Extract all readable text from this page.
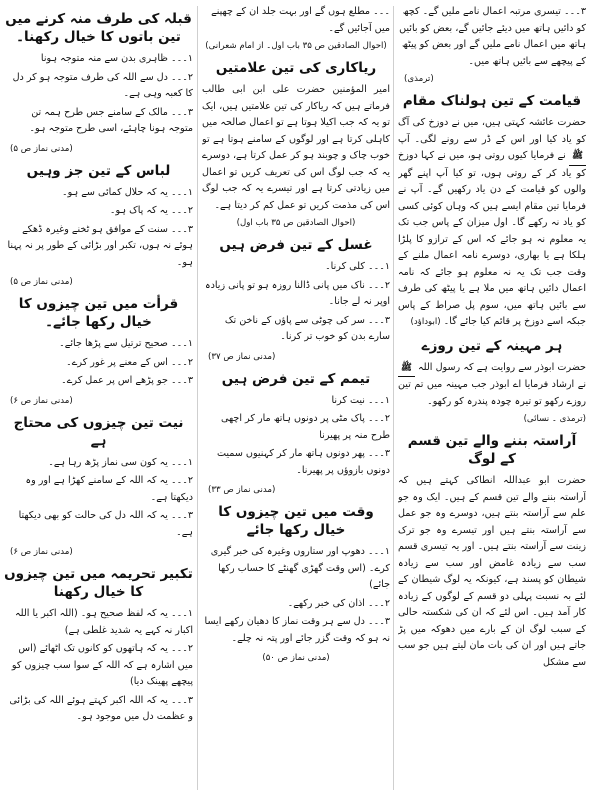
۳۔۔۔ تیسری مرتبہ اعمال نامے ملیں گے۔ کچھ کو دائیں ہاتھ میں دیئے جائیں گے، بعض کو بائیں ہاتھ میں اعمال نامے ملیں گے اور بعض کو پیٹھ کے پیچھے سے بائیں ہاتھ میں۔
(ترمذی)
قیامت کے تین ہولناک مقام
حضرت عائشہ کہتی ہیں، میں نے دوزخ کی آگ کو یاد کیا اور اس کے ڈر سے رونے لگی۔ آپ ﷺ نے فرمایا کیوں روتی ہو، میں نے کہا دوزخ کو یاد کر کے روتی ہوں، تو کیا آپ اپنے گھر والوں کو قیامت کے دن یاد رکھیں گے۔ آپ نے فرمایا تین مقام ایسے ہیں کہ وہاں کوئی کسی کو یاد نہ رکھے گا۔ اول میزان کے پاس جب تک یہ معلوم نہ ہو جائے کہ اس کے ترازو کا پلڑا ہلکا ہے یا بھاری، دوسرے نامہ اعمال ملنے کے وقت جب تک یہ نہ معلوم ہو جائے کہ نامہ اعمال دائیں ہاتھ میں ملا ہے یا پیٹھ کی طرف سے بائیں ہاتھ میں، سوم پل صراط کے پاس جبکہ اسے دوزخ پر قائم کیا جائے گا۔ (ابوداؤد)
ہر مہینہ کے تین روزے
حضرت ابوذر سے روایت ہے کہ رسول اللہ ﷺ نے ارشاد فرمایا اے ابوذر جب مہینہ میں تم تین روزے رکھو تو تیرہ چودہ پندرہ کو رکھو۔
(ترمذی ۔ نسائی)
آراستہ بننے والے تین قسم کے لوگ
حضرت ابو عبداللہ انطاکی کہتے ہیں کہ آراستہ بننے والے تین قسم کے ہیں۔ ایک وہ جو علم سے آراستہ بنتے ہیں، دوسرے وہ جو عمل سے آراستہ بنتے ہیں اور تیسرے وہ جو ترک زینت سے آراستہ بنتے ہیں۔ اور یہ تیسری قسم سب سے زیادہ غامض اور سب سے زیادہ شیطان کو پسند ہے، کیونکہ یہ لوگ شیطان کے لئے بہ نسبت پہلی دو قسم کے لوگوں کے زیادہ کار آمد ہیں۔ اس لئے کہ ان کی شکستہ حالی کے سبب لوگ ان کے بارے میں دھوکہ میں پڑ جاتے ہیں اور ان کی بات مان لیتے ہیں جو سب سے مشکل
۔۔۔ مطلع ہوں گے اور بہت جلد ان کے چھپنے میں آجائیں گے۔
(احوال الصادقین ص ۳۵ باب اول۔ از امام شعرانی)
ریاکاری کی تین علامتیں
امیر المؤمنین حضرت علی ابن ابی طالب فرماتے ہیں کہ ریاکار کی تین علامتیں ہیں، ایک تو یہ کہ جب اکیلا ہوتا ہے تو اعمال صالحہ میں کاہلی کرتا ہے اور لوگوں کے سامنے ہوتا ہے تو خوب چاک و چوبند ہو کر عمل کرتا ہے، دوسرے یہ کہ جب لوگ اس کی تعریف کریں تو اعمال میں زیادتی کرتا ہے اور تیسرے یہ کہ جب لوگ اس کی مذمت کریں تو عمل کم کر دیتا ہے۔
(احوال الصادقین ص ۳۵ باب اول)
غسل کے تین فرض ہیں
۱۔۔۔ کلی کرنا۔
۲۔۔۔ ناک میں پانی ڈالنا روزہ ہو تو پانی زیادہ اوپر نہ لے جانا۔
۳۔۔۔ سر کی چوٹی سے پاؤں کے ناخن تک سارے بدن کو خوب تر کرنا۔
(مدنی نماز ص ۳۷)
تیمم کے تین فرض ہیں
۱۔۔۔ نیت کرنا
۲۔۔۔ پاک مٹی پر دونوں ہاتھ مار کر اچھی طرح منہ پر پھیرنا
۳۔۔۔ پھر دونوں ہاتھ مار کر کہنیوں سمیت دونوں بازوؤں پر پھیرنا۔
(مدنی نماز ص ۳۳)
وقت میں تین چیزوں کا خیال رکھا جائے
۱۔۔۔ دھوپ اور ستاروں وغیرہ کی خبر گیری کرے۔ (اس وقت گھڑی گھنٹے کا حساب رکھا جائے)
۲۔۔۔ اذان کی خبر رکھے۔
۳۔۔۔ دل سے ہر وقت نماز کا دھیان رکھے ایسا نہ ہو کہ وقت گزر جائے اور پتہ نہ چلے۔
(مدنی نماز ص ۵۰)
قبلہ کی طرف منہ کرنے میں تین باتوں کا خیال رکھنا۔
۱۔۔۔ ظاہری بدن سے منہ متوجہ ہونا
۲۔۔۔ دل سے اللہ کی طرف متوجہ ہو کر دل کا کعبہ وہی ہے۔
۳۔۔۔ مالک کے سامنے جس طرح ہمہ تن متوجہ ہونا چاہئے، اسی طرح متوجہ ہو۔
(مدنی نماز ص ۵)
لباس کے تین جز وہیں
۱۔۔۔ یہ کہ حلال کمائی سے ہو۔
۲۔۔۔ یہ کہ پاک ہو۔
۳۔۔۔ سنت کے موافق ہو ٹخنے وغیرہ ڈھکے ہوئے نہ ہوں، تکبر اور بڑائی کے طور پر نہ پہنا ہو۔
(مدنی نماز ص ۵)
قرأت میں تین چیزوں کا خیال رکھا جائے۔
۱۔۔۔ صحیح ترتیل سے پڑھا جائے۔
۲۔۔۔ اس کے معنے پر غور کرے۔
۳۔۔۔ جو پڑھے اس پر عمل کرے۔
(مدنی نماز ص ۶)
نیت تین چیزوں کی محتاج ہے
۱۔۔۔ یہ کون سی نماز پڑھ رہا ہے۔
۲۔۔۔ یہ کہ اللہ کے سامنے کھڑا ہے اور وہ دیکھتا ہے۔
۳۔۔۔ یہ کہ اللہ دل کی حالت کو بھی دیکھتا ہے۔
(مدنی نماز ص ۶)
تکبیر تحریمہ میں تین چیزوں کا خیال رکھنا
۱۔۔۔ یہ کہ لفظ صحیح ہو۔ (اللہ اکبر یا اللہ اکبار نہ کہے یہ شدید غلطی ہے)
۲۔۔۔ یہ کہ ہاتھوں کو کانوں تک اٹھائے (اس میں اشارہ ہے کہ اللہ کے سوا سب چیزوں کو پیچھے پھینک دیا)
۳۔۔۔ یہ کہ اللہ اکبر کہتے ہوئے اللہ کی بڑائی و عظمت دل میں موجود ہو۔
